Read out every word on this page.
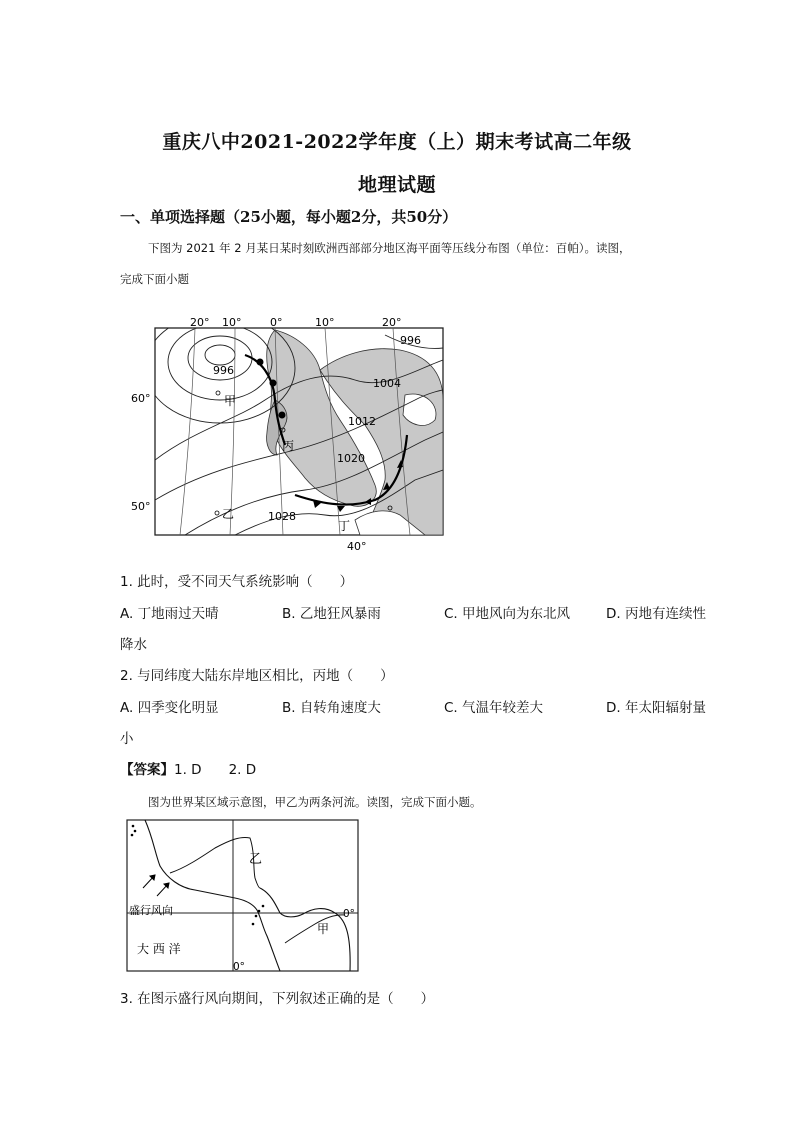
重庆八中2021-2022学年度（上）期末考试高二年级
地理试题
一、单项选择题（25小题，每小题2分，共50分）
下图为 2021 年 2 月某日某时刻欧洲西部部分地区海平面等压线分布图（单位：百帕）。读图，
完成下面小题
20° 10°	0°	10°	20°
40°
60°
50°
996
996
1004
1012
1020
1028
甲
乙
丙
丁
1. 此时，受不同天气系统影响（　　）
A. 丁地雨过天晴	B. 乙地狂风暴雨	C. 甲地风向为东北风	D. 丙地有连续性
降水
2. 与同纬度大陆东岸地区相比，丙地（　　）
A. 四季变化明显	B. 自转角速度大	C. 气温年较差大	D. 年太阳辐射量
小
【答案】1. D　　2. D
图为世界某区域示意图，甲乙为两条河流。读图，完成下面小题。
盛行风向
大 西 洋
乙
甲
0°
0°
3. 在图示盛行风向期间，下列叙述正确的是（　　）
